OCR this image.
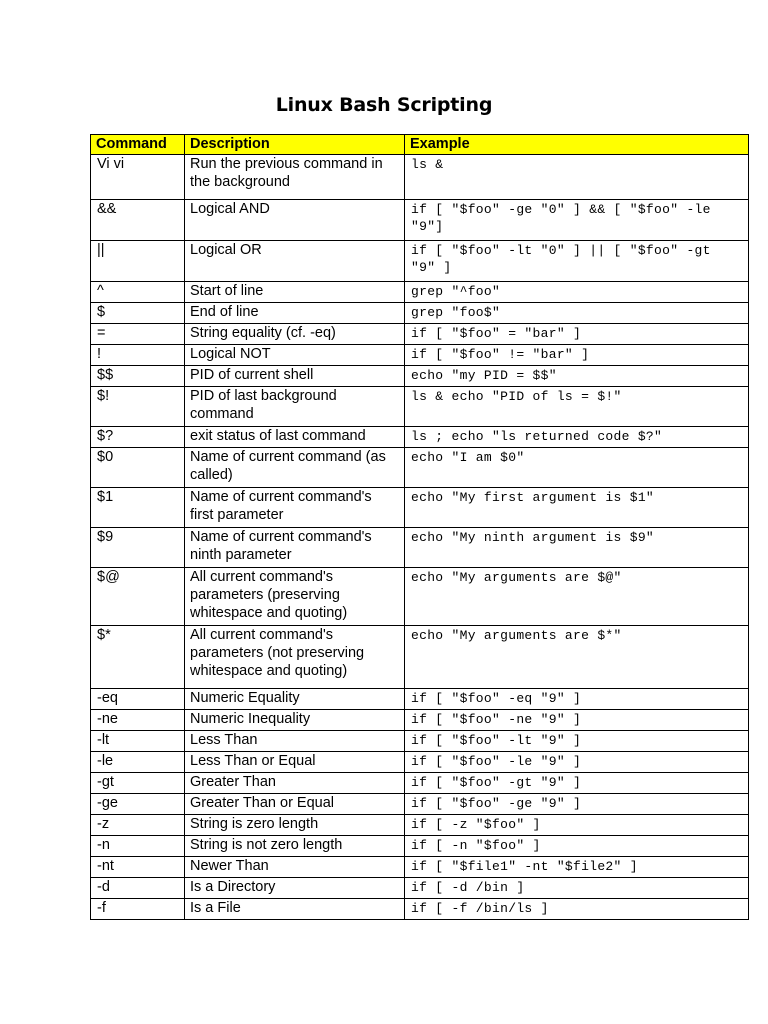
Linux Bash Scripting
Command	Description	Example
Vi vi	Run the previous command in the background	ls &
&&	Logical AND	if [ "$foo" -ge "0" ] && [ "$foo" -le "9"]
||	Logical OR	if [ "$foo" -lt "0" ] || [ "$foo" -gt "9" ]
^	Start of line	grep "^foo"
$	End of line	grep "foo$"
=	String equality (cf. -eq)	if [ "$foo" = "bar" ]
!	Logical NOT	if [ "$foo" != "bar" ]
$$	PID of current shell	echo "my PID = $$"
$!	PID of last background command	ls & echo "PID of ls = $!"
$?	exit status of last command	ls ; echo "ls returned code $?"
$0	Name of current command (as called)	echo "I am $0"
$1	Name of current command's first parameter	echo "My first argument is $1"
$9	Name of current command's ninth parameter	echo "My ninth argument is $9"
$@	All current command's parameters (preserving whitespace and quoting)	echo "My arguments are $@"
$*	All current command's parameters (not preserving whitespace and quoting)	echo "My arguments are $*"
-eq	Numeric Equality	if [ "$foo" -eq "9" ]
-ne	Numeric Inequality	if [ "$foo" -ne "9" ]
-lt	Less Than	if [ "$foo" -lt "9" ]
-le	Less Than or Equal	if [ "$foo" -le "9" ]
-gt	Greater Than	if [ "$foo" -gt "9" ]
-ge	Greater Than or Equal	if [ "$foo" -ge "9" ]
-z	String is zero length	if [ -z "$foo" ]
-n	String is not zero length	if [ -n "$foo" ]
-nt	Newer Than	if [ "$file1" -nt "$file2" ]
-d	Is a Directory	if [ -d /bin ]
-f	Is a File	if [ -f /bin/ls ]
